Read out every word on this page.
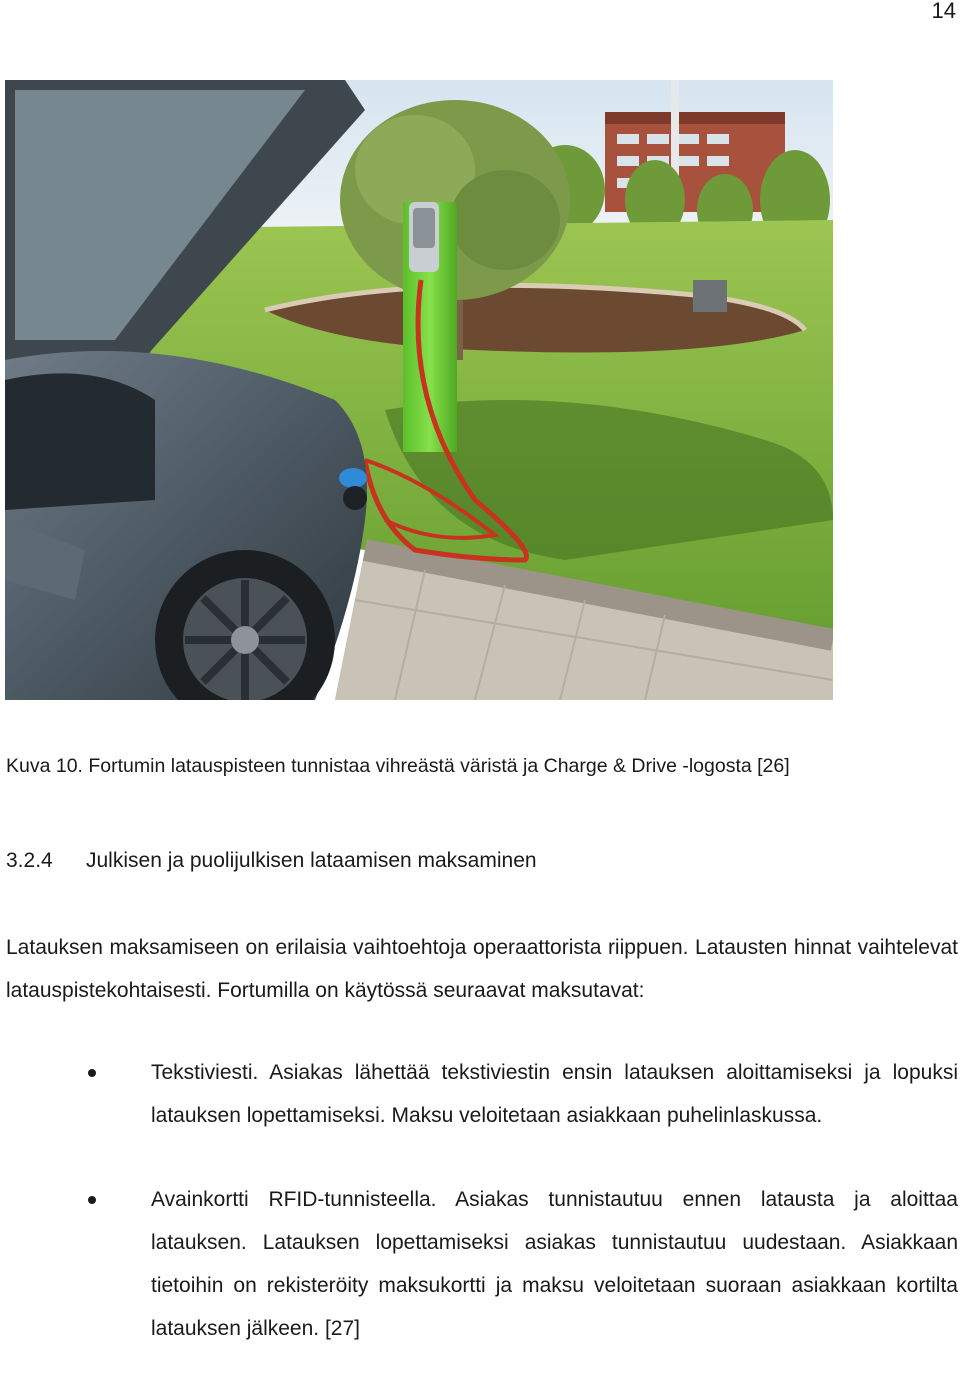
14
Kuva 10. Fortumin latauspisteen tunnistaa vihreästä väristä ja Charge & Drive -logosta [26]
3.2.4 Julkisen ja puolijulkisen lataamisen maksaminen

Latauksen maksamiseen on erilaisia vaihtoehtoja operaattorista riippuen. Latausten hinnat vaihtelevat latauspistekohtaisesti. Fortumilla on käytössä seuraavat maksutavat:

Tekstiviesti. Asiakas lähettää tekstiviestin ensin latauksen aloittamiseksi ja lopuksi latauksen lopettamiseksi. Maksu veloitetaan asiakkaan puhelinlaskussa.
Avainkortti RFID-tunnisteella. Asiakas tunnistautuu ennen latausta ja aloittaa latauksen. Latauksen lopettamiseksi asiakas tunnistautuu uudestaan. Asiakkaan tietoihin on rekisteröity maksukortti ja maksu veloitetaan suoraan asiakkaan kortilta latauksen jälkeen. [27]
